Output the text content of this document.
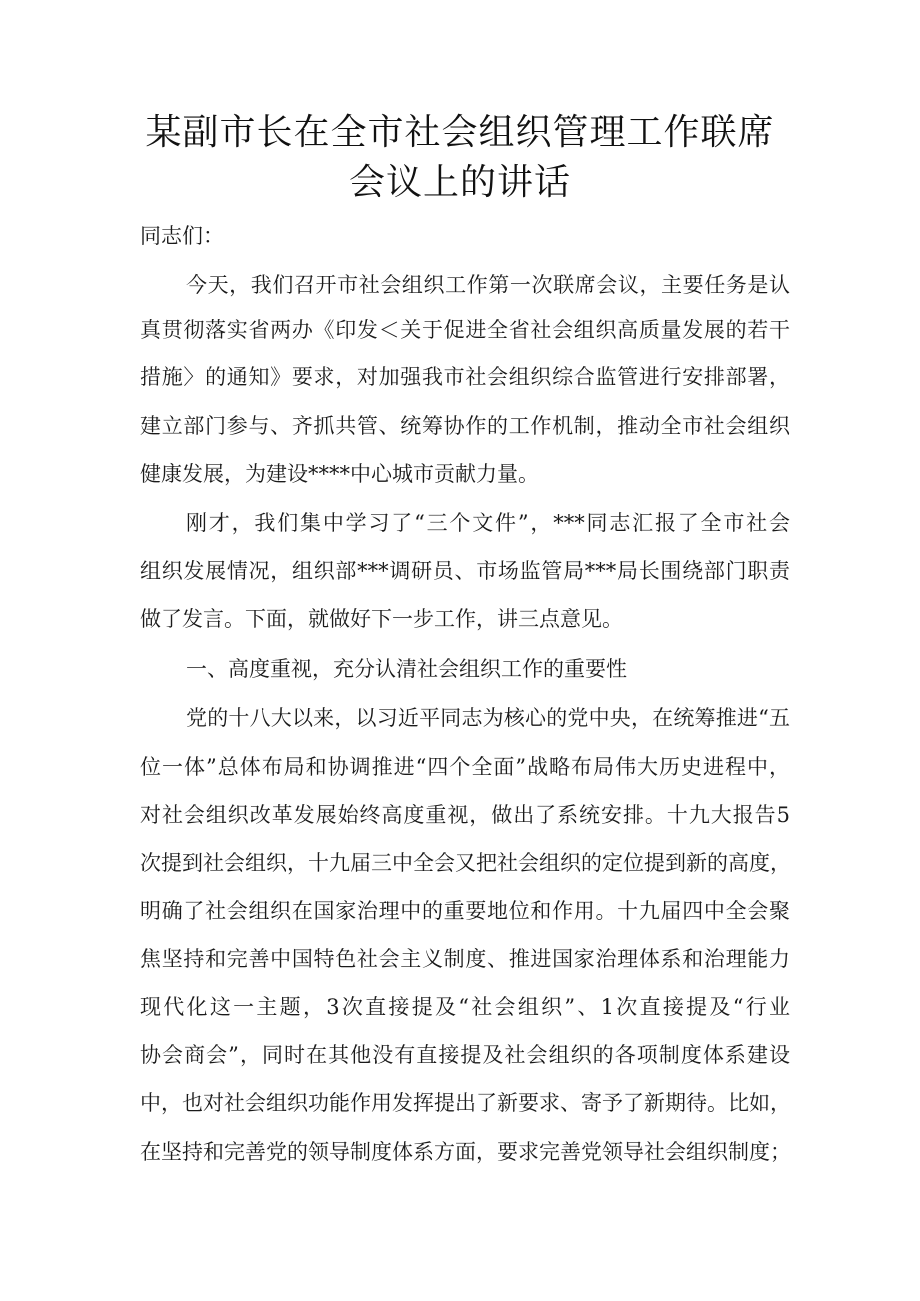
某副市长在全市社会组织管理工作联席
会议上的讲话
同志们：
今天，我们召开市社会组织工作第一次联席会议，主要任务是认
真贯彻落实省两办《印发＜关于促进全省社会组织高质量发展的若干
措施〉的通知》要求，对加强我市社会组织综合监管进行安排部署，
建立部门参与、齐抓共管、统筹协作的工作机制，推动全市社会组织
健康发展，为建设****中心城市贡献力量。
刚才，我们集中学习了“三个文件”，***同志汇报了全市社会
组织发展情况，组织部***调研员、市场监管局***局长围绕部门职责
做了发言。下面，就做好下一步工作，讲三点意见。
一、高度重视，充分认清社会组织工作的重要性
党的十八大以来，以习近平同志为核心的党中央，在统筹推进“五
位一体”总体布局和协调推进“四个全面”战略布局伟大历史进程中，
对社会组织改革发展始终高度重视，做出了系统安排。十九大报告5
次提到社会组织，十九届三中全会又把社会组织的定位提到新的高度，
明确了社会组织在国家治理中的重要地位和作用。十九届四中全会聚
焦坚持和完善中国特色社会主义制度、推进国家治理体系和治理能力
现代化这一主题，3次直接提及“社会组织”、1次直接提及“行业
协会商会”，同时在其他没有直接提及社会组织的各项制度体系建设
中，也对社会组织功能作用发挥提出了新要求、寄予了新期待。比如，
在坚持和完善党的领导制度体系方面，要求完善党领导社会组织制度；
